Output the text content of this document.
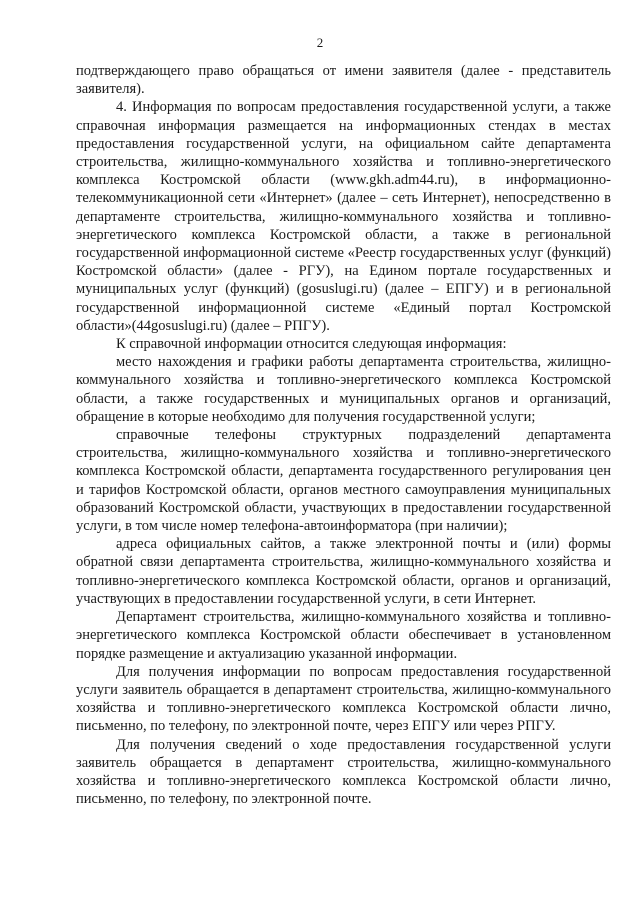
2

подтверждающего право обращаться от имени заявителя (далее - представитель заявителя).

4. Информация по вопросам предоставления государственной услуги, а также справочная информация размещается на информационных стендах в местах предоставления государственной услуги, на официальном сайте департамента строительства, жилищно-коммунального хозяйства и топливно-энергетического комплекса Костромской области (www.gkh.adm44.ru), в информационно-телекоммуникационной сети «Интернет» (далее – сеть Интернет), непосредственно в департаменте строительства, жилищно-коммунального хозяйства и топливно-энергетического комплекса Костромской области, а также в региональной государственной информационной системе «Реестр государственных услуг (функций) Костромской области» (далее - РГУ), на Едином портале государственных и муниципальных услуг (функций) (gosuslugi.ru) (далее – ЕПГУ) и в региональной государственной информационной системе «Единый портал Костромской области»(44gosuslugi.ru) (далее – РПГУ).

К справочной информации относится следующая информация:

место нахождения и графики работы департамента строительства, жилищно-коммунального хозяйства и топливно-энергетического комплекса Костромской области, а также государственных и муниципальных органов и организаций, обращение в которые необходимо для получения государственной услуги;

справочные телефоны структурных подразделений департамента строительства, жилищно-коммунального хозяйства и топливно-энергетического комплекса Костромской области, департамента государственного регулирования цен и тарифов Костромской области, органов местного самоуправления муниципальных образований Костромской области, участвующих в предоставлении государственной услуги, в том числе номер телефона-автоинформатора (при наличии);

адреса официальных сайтов, а также электронной почты и (или) формы обратной связи департамента строительства, жилищно-коммунального хозяйства и топливно-энергетического комплекса Костромской области, органов и организаций, участвующих в предоставлении государственной услуги, в сети Интернет.

Департамент строительства, жилищно-коммунального хозяйства и топливно-энергетического комплекса Костромской области обеспечивает в установленном порядке размещение и актуализацию указанной информации.

Для получения информации по вопросам предоставления государственной услуги заявитель обращается в департамент строительства, жилищно-коммунального хозяйства и топливно-энергетического комплекса Костромской области лично, письменно, по телефону, по электронной почте, через ЕПГУ или через РПГУ.

Для получения сведений о ходе предоставления государственной услуги заявитель обращается в департамент строительства, жилищно-коммунального хозяйства и топливно-энергетического комплекса Костромской области лично, письменно, по телефону, по электронной почте.
